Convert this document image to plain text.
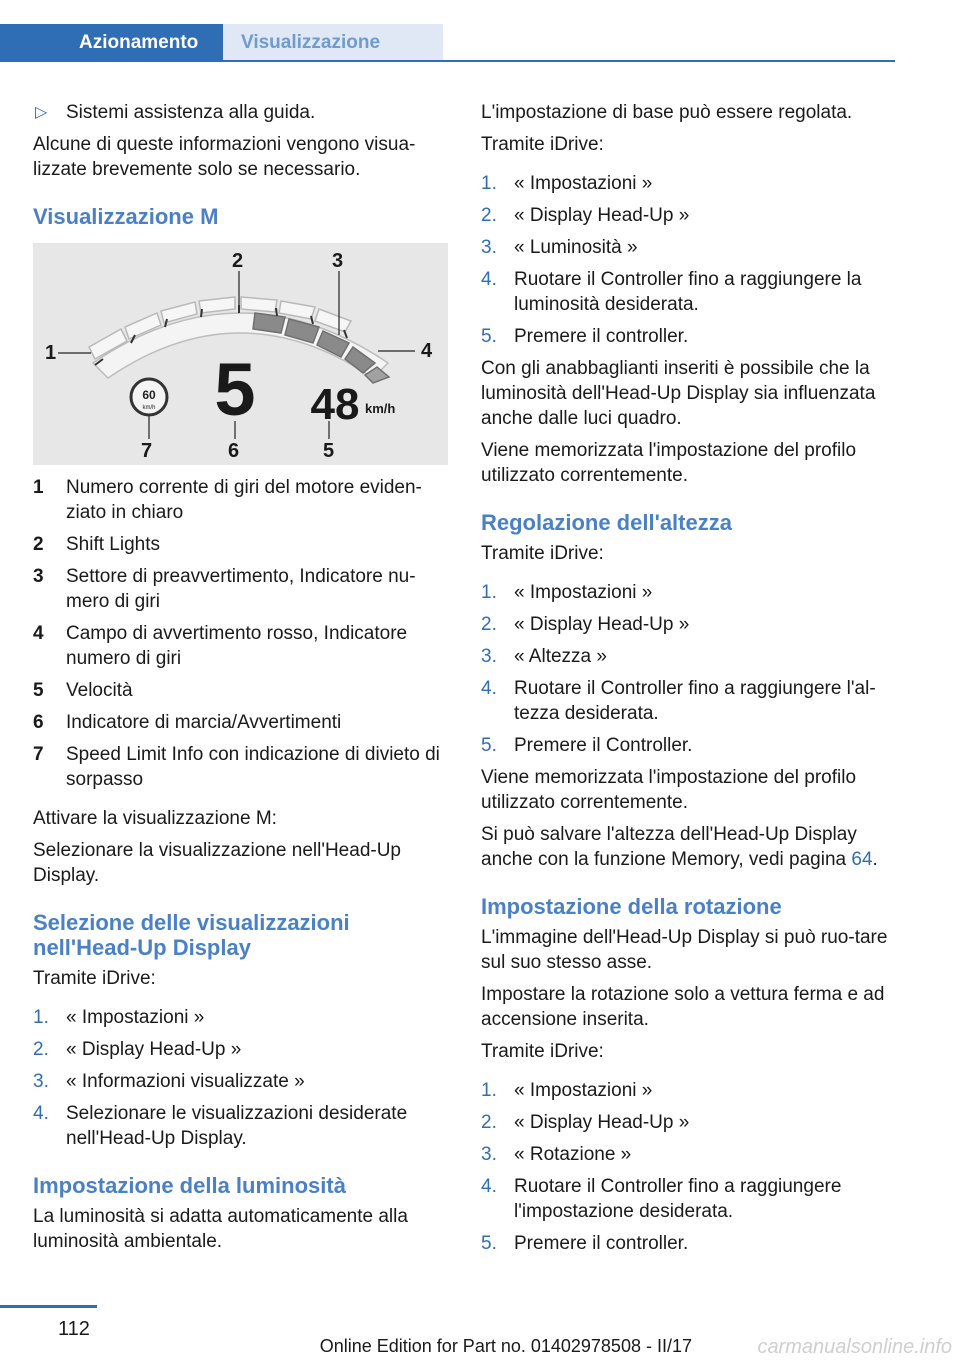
Azionamento	Visualizzazione
▷ Sistemi assistenza alla guida.

Alcune di queste informazioni vengono visua‐lizzate brevemente solo se necessario.

Visualizzazione M
1
2	3
4
5
6
7
60
km/h 5 48 km/h
1 Numero corrente di giri del motore eviden‐ziato in chiaro
2 Shift Lights
3 Settore di preavvertimento, Indicatore nu‐mero di giri
4 Campo di avvertimento rosso, Indicatore numero di giri
5 Velocità
6 Indicatore di marcia/Avvertimenti
7 Speed Limit Info con indicazione di divieto di sorpasso

Attivare la visualizzazione M:

Selezionare la visualizzazione nell'Head-Up Display.

Selezione delle visualizzazioni nell'Head-Up Display

Tramite iDrive:

1. « Impostazioni »
2. « Display Head-Up »
3. « Informazioni visualizzate »
4. Selezionare le visualizzazioni desiderate nell'Head-Up Display.
Impostazione della luminosità

La luminosità si adatta automaticamente alla luminosità ambientale.

L'impostazione di base può essere regolata.

Tramite iDrive:

1. « Impostazioni »
2. « Display Head-Up »
3. « Luminosità »
4. Ruotare il Controller fino a raggiungere la luminosità desiderata.
5. Premere il controller.

Con gli anabbaglianti inseriti è possibile che la luminosità dell'Head-Up Display sia influenzata anche dalle luci quadro.

Viene memorizzata l'impostazione del profilo utilizzato correntemente.

Regolazione dell'altezza

Tramite iDrive:

1. « Impostazioni »
2. « Display Head-Up »
3. « Altezza »
4. Ruotare il Controller fino a raggiungere l'al‐tezza desiderata.
5. Premere il Controller.

Viene memorizzata l'impostazione del profilo utilizzato correntemente.

Si può salvare l'altezza dell'Head-Up Display anche con la funzione Memory, vedi pagina 64.

Impostazione della rotazione

L'immagine dell'Head-Up Display si può ruo‐tare sul suo stesso asse.

Impostare la rotazione solo a vettura ferma e ad accensione inserita.

Tramite iDrive:

1. « Impostazioni »
2. « Display Head-Up »
3. « Rotazione »
4. Ruotare il Controller fino a raggiungere l'impostazione desiderata.
5. Premere il controller.
112
Online Edition for Part no. 01402978508 - II/17	carmanualsonline.info
